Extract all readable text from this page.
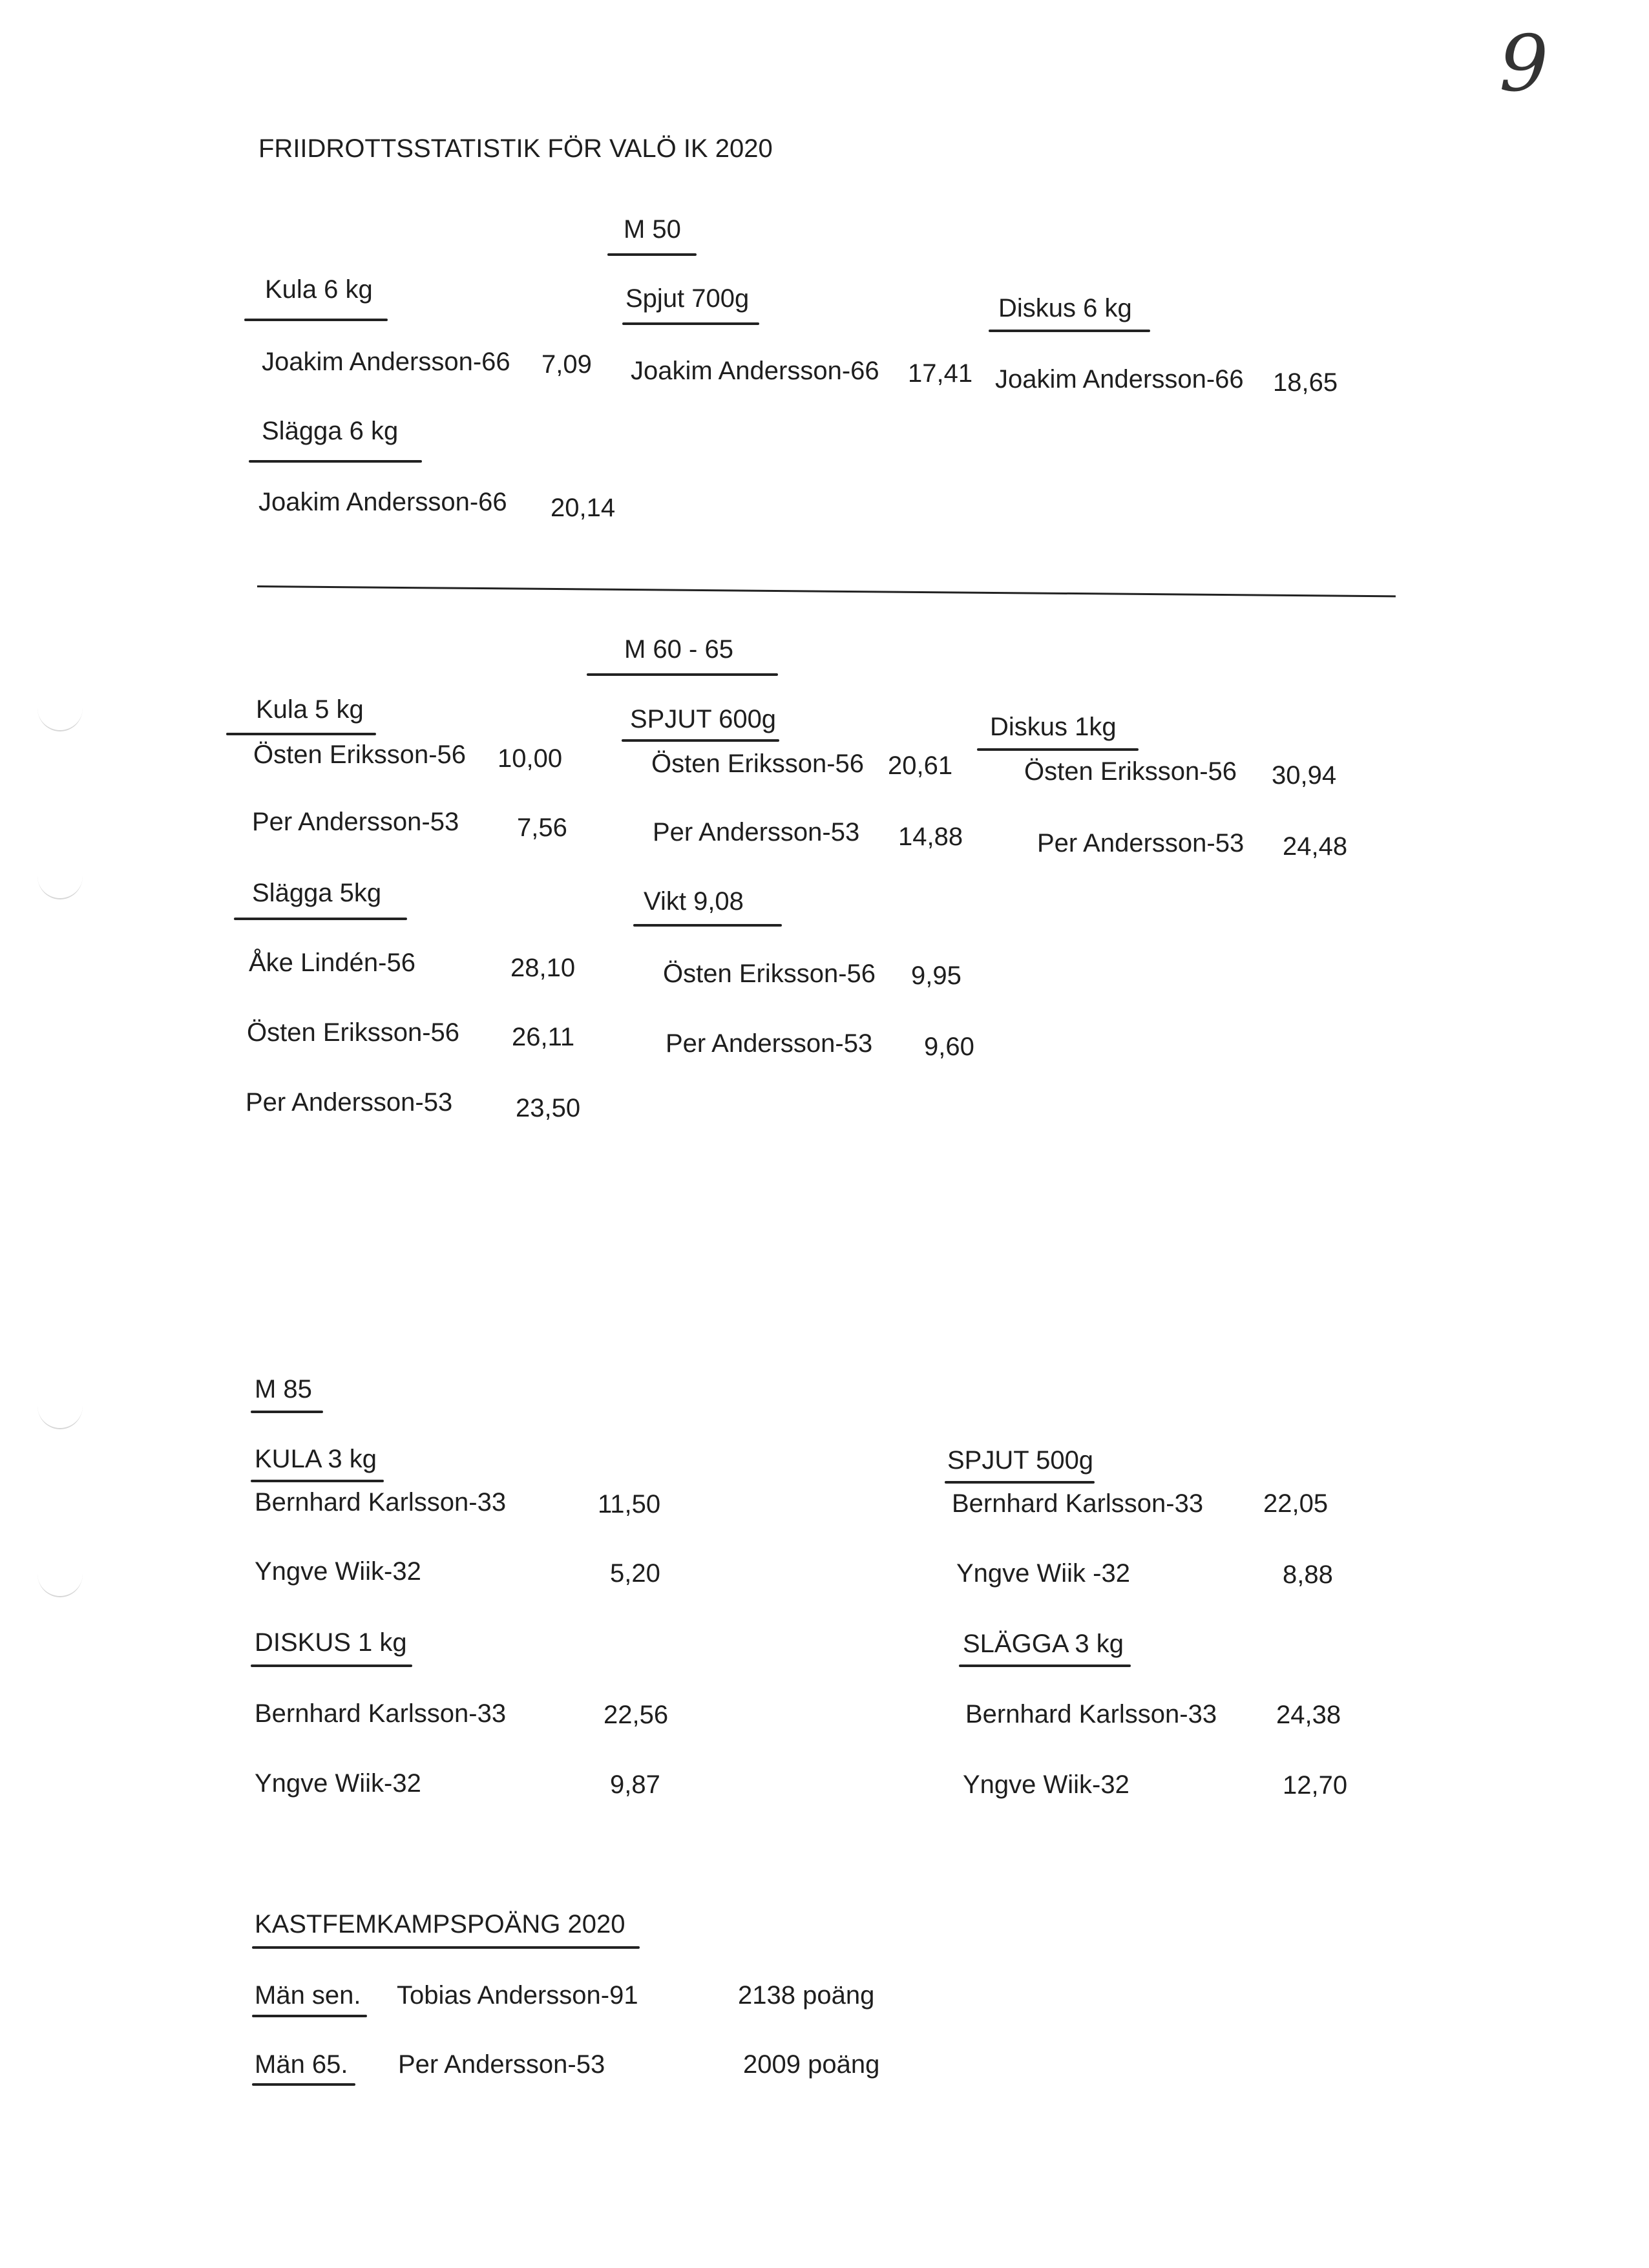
9
FRIIDROTTSSTATISTIK FÖR VALÖ IK 2020
M 50
Kula 6 kg
Joakim Andersson-66 7,09
Spjut 700g
Joakim Andersson-66 17,41
Diskus 6 kg
Joakim Andersson-66 18,65
Slägga 6 kg
Joakim Andersson-66 20,14
M 60 - 65
Kula 5 kg
Östen Eriksson-56 10,00
Per Andersson-53 7,56
SPJUT 600g
Östen Eriksson-56 20,61
Per Andersson-53 14,88
Diskus 1kg
Östen Eriksson-56 30,94
Per Andersson-53 24,48
Slägga 5kg
Åke Lindén-56	28,10
Östen Eriksson-56 26,11
Per Andersson-53 23,50
Vikt 9,08
Östen Eriksson-56 9,95
Per Andersson-53 9,60
M 85
KULA 3 kg
Bernhard Karlsson-33	11,50
Yngve Wiik-32	5,20
SPJUT 500g
Bernhard Karlsson-33 22,05
Yngve Wiik -32	8,88
DISKUS 1 kg
Bernhard Karlsson-33	22,56
Yngve Wiik-32	9,87
SLÄGGA 3 kg
Bernhard Karlsson-33 24,38
Yngve Wiik-32	12,70
KASTFEMKAMPSPOÄNG 2020
Män sen. Tobias Andersson-91	2138 poäng
Män 65. Per Andersson-53	2009 poäng
